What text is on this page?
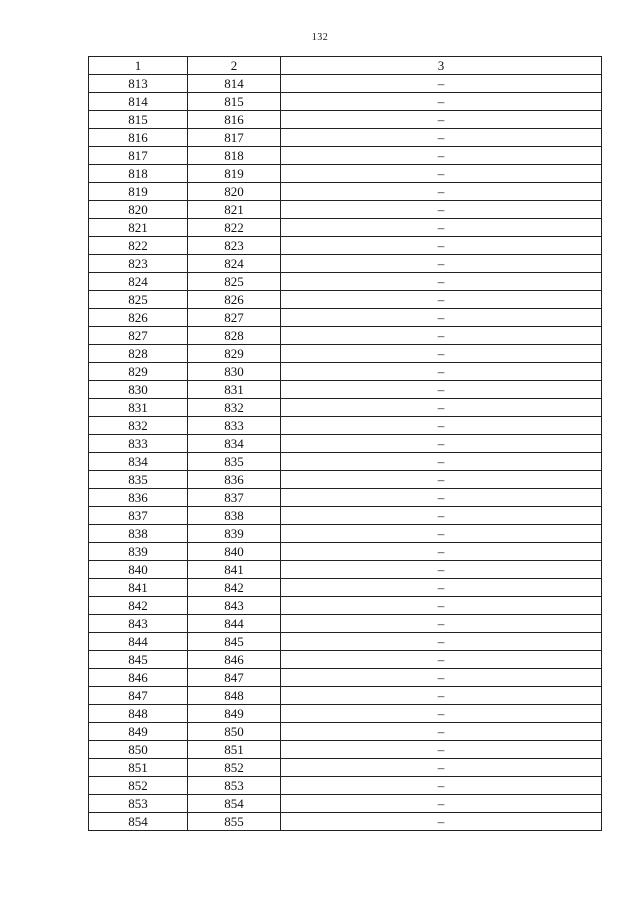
132
1	2	3
813	814	–
814	815	–
815	816	–
816	817	–
817	818	–
818	819	–
819	820	–
820	821	–
821	822	–
822	823	–
823	824	–
824	825	–
825	826	–
826	827	–
827	828	–
828	829	–
829	830	–
830	831	–
831	832	–
832	833	–
833	834	–
834	835	–
835	836	–
836	837	–
837	838	–
838	839	–
839	840	–
840	841	–
841	842	–
842	843	–
843	844	–
844	845	–
845	846	–
846	847	–
847	848	–
848	849	–
849	850	–
850	851	–
851	852	–
852	853	–
853	854	–
854	855	–
